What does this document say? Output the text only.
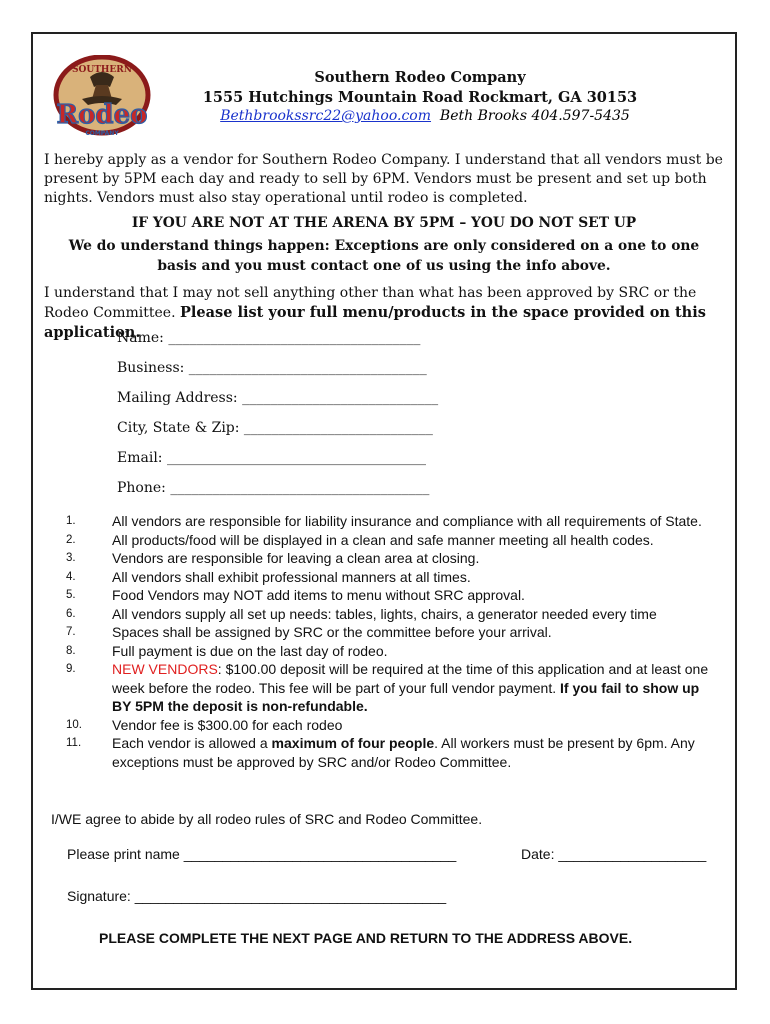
SOUTHERN
Rodeo
COMPANY
Southern Rodeo Company
1555 Hutchings Mountain Road Rockmart, GA 30153
Bethbrookssrc22@yahoo.com Beth Brooks 404.597-5435
I hereby apply as a vendor for Southern Rodeo Company. I understand that all vendors must be present by 5PM each day and ready to sell by 6PM. Vendors must be present and set up both nights. Vendors must also stay operational until rodeo is completed.
IF YOU ARE NOT AT THE ARENA BY 5PM – YOU DO NOT SET UP
We do understand things happen: Exceptions are only considered on a one to one
basis and you must contact one of us using the info above.
I understand that I may not sell anything other than what has been approved by SRC or the Rodeo Committee. Please list your full menu/products in the space provided on this application.
Name: ____________________________________
Business: __________________________________
Mailing Address: ____________________________
City, State & Zip: ___________________________
Email: _____________________________________
Phone: _____________________________________
1.	All vendors are responsible for liability insurance and compliance with all requirements of State.
2.	All products/food will be displayed in a clean and safe manner meeting all health codes.
3.	Vendors are responsible for leaving a clean area at closing.
4.	All vendors shall exhibit professional manners at all times.
5.	Food Vendors may NOT add items to menu without SRC approval.
6.	All vendors supply all set up needs: tables, lights, chairs, a generator needed every time
7.	Spaces shall be assigned by SRC or the committee before your arrival.
8.	Full payment is due on the last day of rodeo.
9.	NEW VENDORS: $100.00 deposit will be required at the time of this application and at least one week before the rodeo. This fee will be part of your full vendor payment. If you fail to show up BY 5PM the deposit is non-refundable.
10. Vendor fee is $300.00 for each rodeo
11. Each vendor is allowed a maximum of four people. All workers must be present by 6pm. Any exceptions must be approved by SRC and/or Rodeo Committee.
I/WE agree to abide by all rodeo rules of SRC and Rodeo Committee.
Please print name ___________________________________	Date: ___________________
Signature: ________________________________________
PLEASE COMPLETE THE NEXT PAGE AND RETURN TO THE ADDRESS ABOVE.
